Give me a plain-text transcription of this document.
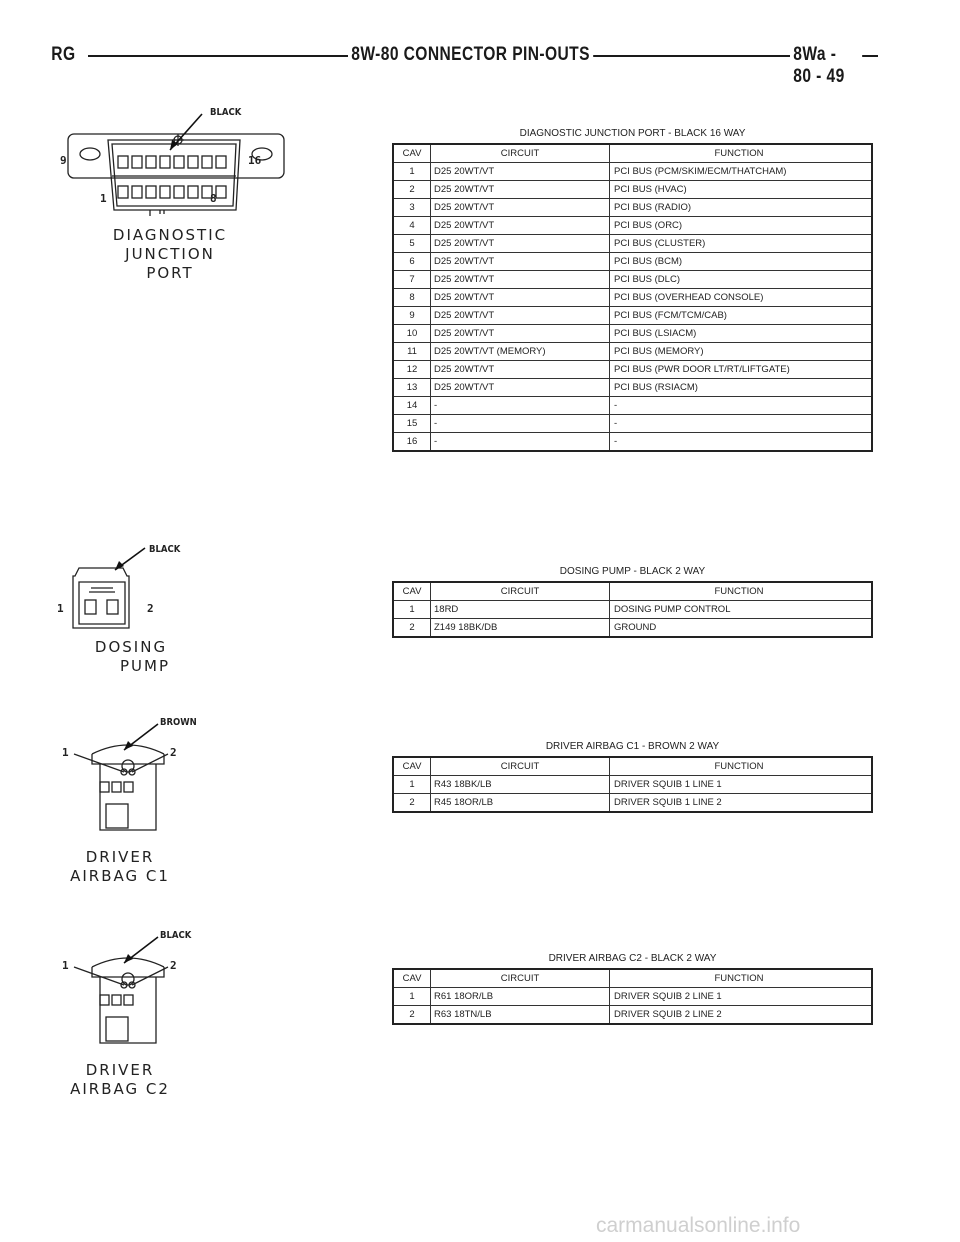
RG	8W-80 CONNECTOR PIN-OUTS	8Wa - 80 - 49
BLACK
9	16
1	8
DIAGNOSTIC
JUNCTION
PORT
DIAGNOSTIC JUNCTION PORT - BLACK 16 WAY
CAV	CIRCUIT	FUNCTION
1	D25 20WT/VT	PCI BUS (PCM/SKIM/ECM/THATCHAM)
2	D25 20WT/VT	PCI BUS (HVAC)
3	D25 20WT/VT	PCI BUS (RADIO)
4	D25 20WT/VT	PCI BUS (ORC)
5	D25 20WT/VT	PCI BUS (CLUSTER)
6	D25 20WT/VT	PCI BUS (BCM)
7	D25 20WT/VT	PCI BUS (DLC)
8	D25 20WT/VT	PCI BUS (OVERHEAD CONSOLE)
9	D25 20WT/VT	PCI BUS (FCM/TCM/CAB)
10	D25 20WT/VT	PCI BUS (LSIACM)
11	D25 20WT/VT (MEMORY)	PCI BUS (MEMORY)
12	D25 20WT/VT	PCI BUS (PWR DOOR LT/RT/LIFTGATE)
13	D25 20WT/VT	PCI BUS (RSIACM)
14	-	-
15	-	-
16	-	-
BLACK
1	2
DOSING
PUMP
DOSING PUMP - BLACK 2 WAY
CAV	CIRCUIT	FUNCTION
1	18RD	DOSING PUMP CONTROL
2	Z149 18BK/DB	GROUND
BROWN
1	2
DRIVER
AIRBAG C1
DRIVER AIRBAG C1 - BROWN 2 WAY
CAV	CIRCUIT	FUNCTION
1	R43 18BK/LB	DRIVER SQUIB 1 LINE 1
2	R45 18OR/LB	DRIVER SQUIB 1 LINE 2
BLACK
1	2
DRIVER
AIRBAG C2
DRIVER AIRBAG C2 - BLACK 2 WAY
CAV	CIRCUIT	FUNCTION
1	R61 18OR/LB	DRIVER SQUIB 2 LINE 1
2	R63 18TN/LB	DRIVER SQUIB 2 LINE 2
carmanualsonline.info
